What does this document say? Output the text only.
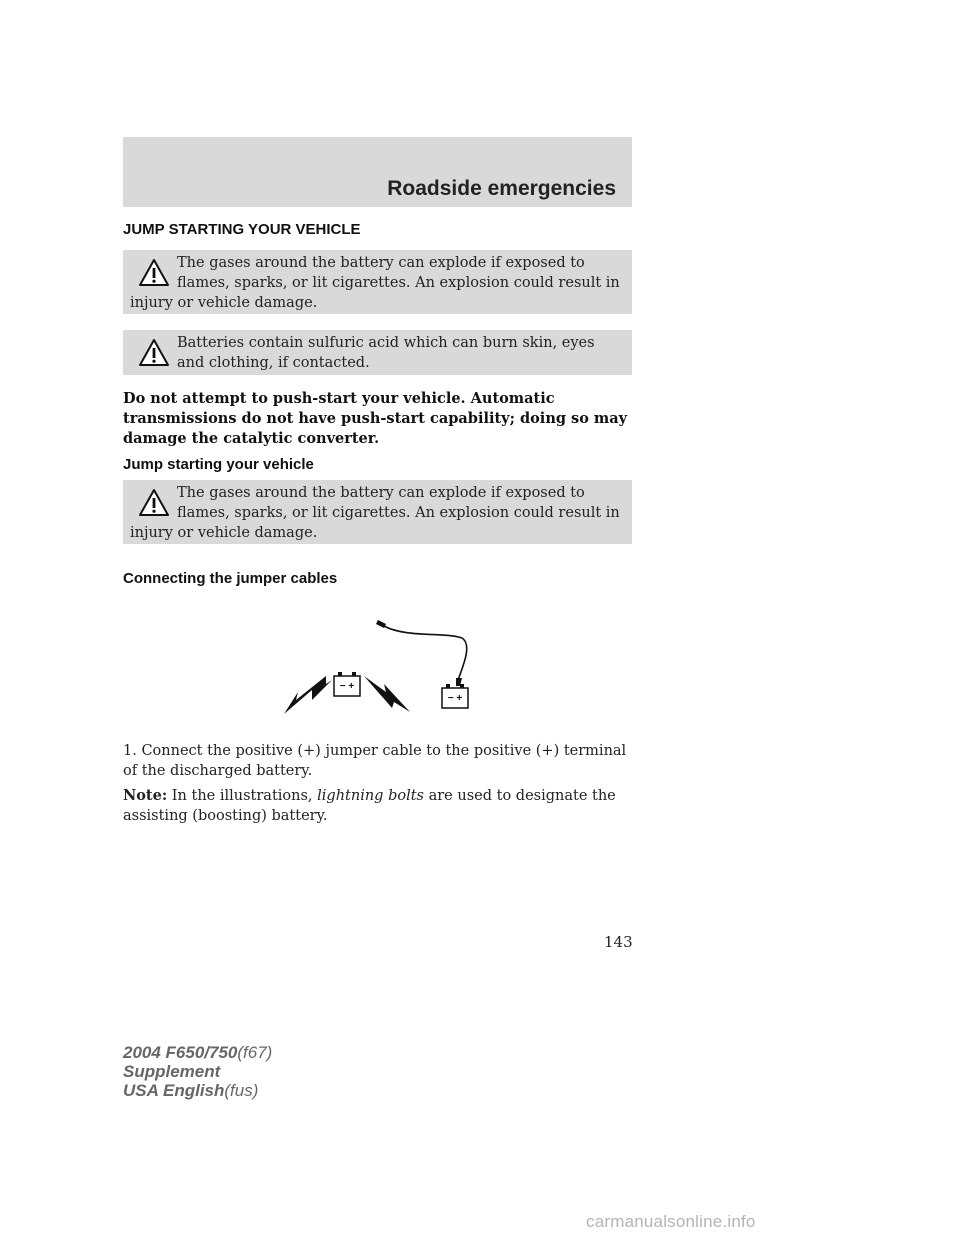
Roadside emergencies
JUMP STARTING YOUR VEHICLE

The gases around the battery can explode if exposed to flames, sparks, or lit cigarettes. An explosion could result in injury or vehicle damage.

Batteries contain sulfuric acid which can burn skin, eyes and clothing, if contacted.

Do not attempt to push-start your vehicle. Automatic transmissions do not have push-start capability; doing so may damage the catalytic converter.

Jump starting your vehicle

The gases around the battery can explode if exposed to flames, sparks, or lit cigarettes. An explosion could result in injury or vehicle damage.

Connecting the jumper cables
− +
− +

1. Connect the positive (+) jumper cable to the positive (+) terminal of the discharged battery.

Note: In the illustrations, lightning bolts are used to designate the assisting (boosting) battery.

143
2004 F650/750(f67)
Supplement
USA English(fus)
carmanualsonline.info
